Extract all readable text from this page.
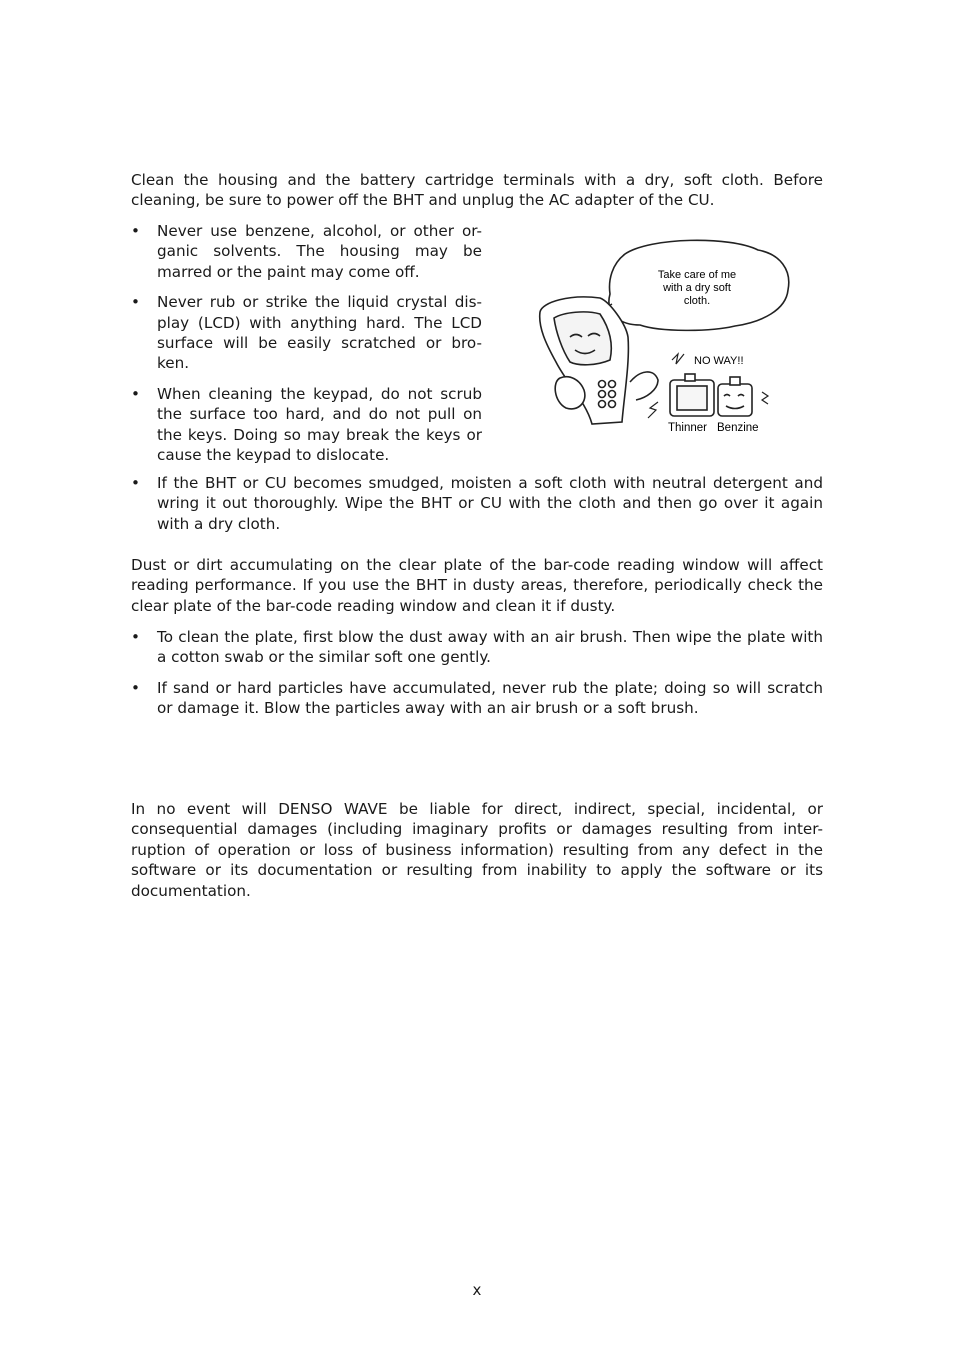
Clean the housing and the battery cartridge terminals with a dry, soft cloth. Before cleaning, be sure to power off the BHT and unplug the AC adapter of the CU.

• Never use benzene, alcohol, or other or-ganic solvents. The housing may be marred or the paint may come off.
• Never rub or strike the liquid crystal dis-play (LCD) with anything hard. The LCD surface will be easily scratched or bro-ken.
• When cleaning the keypad, do not scrub the surface too hard, and do not pull on the keys. Doing so may break the keys or cause the keypad to dislocate.
Take care of me
with a dry soft
cloth.
NO WAY!!
Thinner Benzine
• If the BHT or CU becomes smudged, moisten a soft cloth with neutral detergent and wring it out thoroughly. Wipe the BHT or CU with the cloth and then go over it again with a dry cloth.

Dust or dirt accumulating on the clear plate of the bar-code reading window will affect reading performance. If you use the BHT in dusty areas, therefore, periodically check the clear plate of the bar-code reading window and clean it if dusty.

• To clean the plate, first blow the dust away with an air brush. Then wipe the plate with a cotton swab or the similar soft one gently.
• If sand or hard particles have accumulated, never rub the plate; doing so will scratch or damage it. Blow the particles away with an air brush or a soft brush.

In no event will DENSO WAVE be liable for direct, indirect, special, incidental, or consequential damages (including imaginary profits or damages resulting from inter-ruption of operation or loss of business information) resulting from any defect in the software or its documentation or resulting from inability to apply the software or its documentation.

x
